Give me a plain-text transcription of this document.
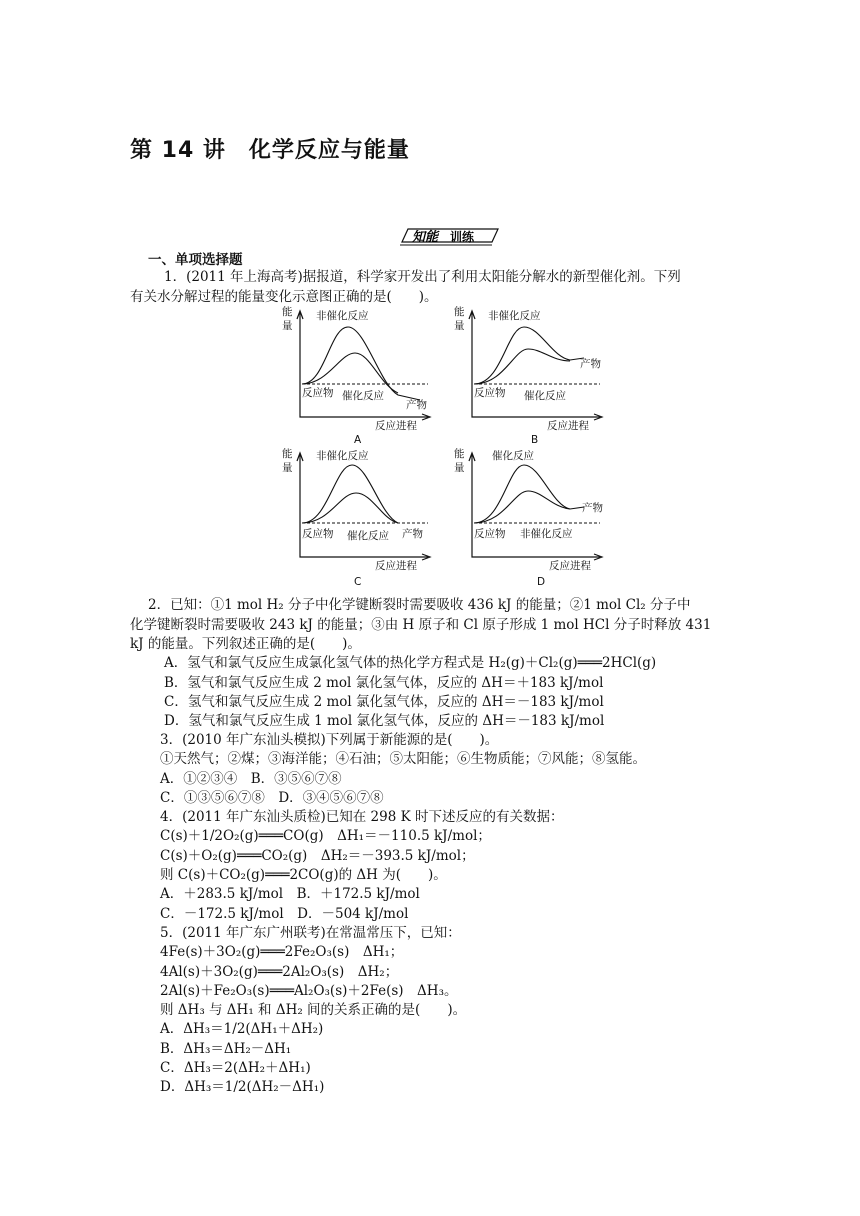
第 14 讲　化学反应与能量
知能 训练
一、单项选择题
1．(2011 年上海高考)据报道，科学家开发出了利用太阳能分解水的新型催化剂。下列
有关水分解过程的能量变化示意图正确的是(　　)。
能
量
非催化反应
反应物 催化反应
产物
反应进程
A
能
量
非催化反应
产物
反应物 催化反应
反应进程
B
能
量
非催化反应
反应物 催化反应 产物
反应进程
C
能
量
催化反应
产物
反应物 非催化反应
反应进程
D
2．已知：①1 mol H₂ 分子中化学键断裂时需要吸收 436 kJ 的能量；②1 mol Cl₂ 分子中
化学键断裂时需要吸收 243 kJ 的能量；③由 H 原子和 Cl 原子形成 1 mol HCl 分子时释放 431
kJ 的能量。下列叙述正确的是(　　)。
A．氢气和氯气反应生成氯化氢气体的热化学方程式是 H₂(g)＋Cl₂(g)═══2HCl(g)
B．氢气和氯气反应生成 2 mol 氯化氢气体，反应的 ΔH＝＋183 kJ/mol
C．氢气和氯气反应生成 2 mol 氯化氢气体，反应的 ΔH＝－183 kJ/mol
D．氢气和氯气反应生成 1 mol 氯化氢气体，反应的 ΔH＝－183 kJ/mol
3．(2010 年广东汕头模拟)下列属于新能源的是(　　)。
①天然气；②煤；③海洋能；④石油；⑤太阳能；⑥生物质能；⑦风能；⑧氢能。
A．①②③④　B．③⑤⑥⑦⑧
C．①③⑤⑥⑦⑧　D．③④⑤⑥⑦⑧
4．(2011 年广东汕头质检)已知在 298 K 时下述反应的有关数据：
C(s)＋1/2O₂(g)═══CO(g)　ΔH₁＝－110.5 kJ/mol；
C(s)＋O₂(g)═══CO₂(g)　ΔH₂＝－393.5 kJ/mol；
则 C(s)＋CO₂(g)═══2CO(g)的 ΔH 为(　　)。
A．＋283.5 kJ/mol　B．＋172.5 kJ/mol
C．－172.5 kJ/mol　D．－504 kJ/mol
5．(2011 年广东广州联考)在常温常压下，已知：
4Fe(s)＋3O₂(g)═══2Fe₂O₃(s)　ΔH₁；
4Al(s)＋3O₂(g)═══2Al₂O₃(s)　ΔH₂；
2Al(s)＋Fe₂O₃(s)═══Al₂O₃(s)＋2Fe(s)　ΔH₃。
则 ΔH₃ 与 ΔH₁ 和 ΔH₂ 间的关系正确的是(　　)。
A．ΔH₃＝1/2(ΔH₁＋ΔH₂)
B．ΔH₃＝ΔH₂－ΔH₁
C．ΔH₃＝2(ΔH₂＋ΔH₁)
D．ΔH₃＝1/2(ΔH₂－ΔH₁)
